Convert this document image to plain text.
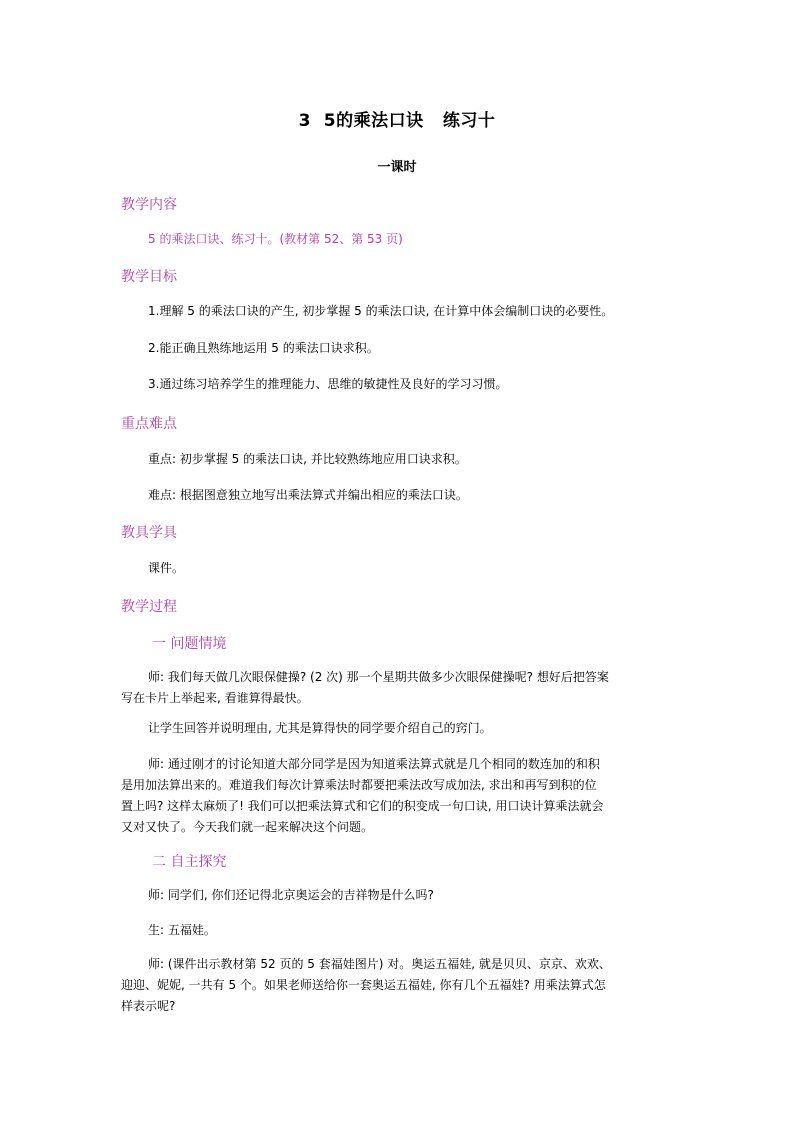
3  5的乘法口诀   练习十
一课时
教学内容
5 的乘法口诀、练习十。(教材第 52、第 53 页)
教学目标
1.理解 5 的乘法口诀的产生, 初步掌握 5 的乘法口诀, 在计算中体会编制口诀的必要性。
2.能正确且熟练地运用 5 的乘法口诀求积。
3.通过练习培养学生的推理能力、思维的敏捷性及良好的学习习惯。
重点难点
重点: 初步掌握 5 的乘法口诀, 并比较熟练地应用口诀求积。
难点: 根据图意独立地写出乘法算式并编出相应的乘法口诀。
教具学具
课件。
教学过程
一 问题情境
师: 我们每天做几次眼保健操? (2 次) 那一个星期共做多少次眼保健操呢? 想好后把答案
写在卡片上举起来, 看谁算得最快。
让学生回答并说明理由, 尤其是算得快的同学要介绍自己的窍门。
师: 通过刚才的讨论知道大部分同学是因为知道乘法算式就是几个相同的数连加的和积
是用加法算出来的。难道我们每次计算乘法时都要把乘法改写成加法, 求出和再写到积的位
置上吗? 这样太麻烦了! 我们可以把乘法算式和它们的积变成一句口诀, 用口诀计算乘法就会
又对又快了。今天我们就一起来解决这个问题。
二 自主探究
师: 同学们, 你们还记得北京奥运会的吉祥物是什么吗?
生: 五福娃。
师: (课件出示教材第 52 页的 5 套福娃图片) 对。奥运五福娃, 就是贝贝、京京、欢欢、
迎迎、妮妮, 一共有 5 个。如果老师送给你一套奥运五福娃, 你有几个五福娃? 用乘法算式怎
样表示呢?
